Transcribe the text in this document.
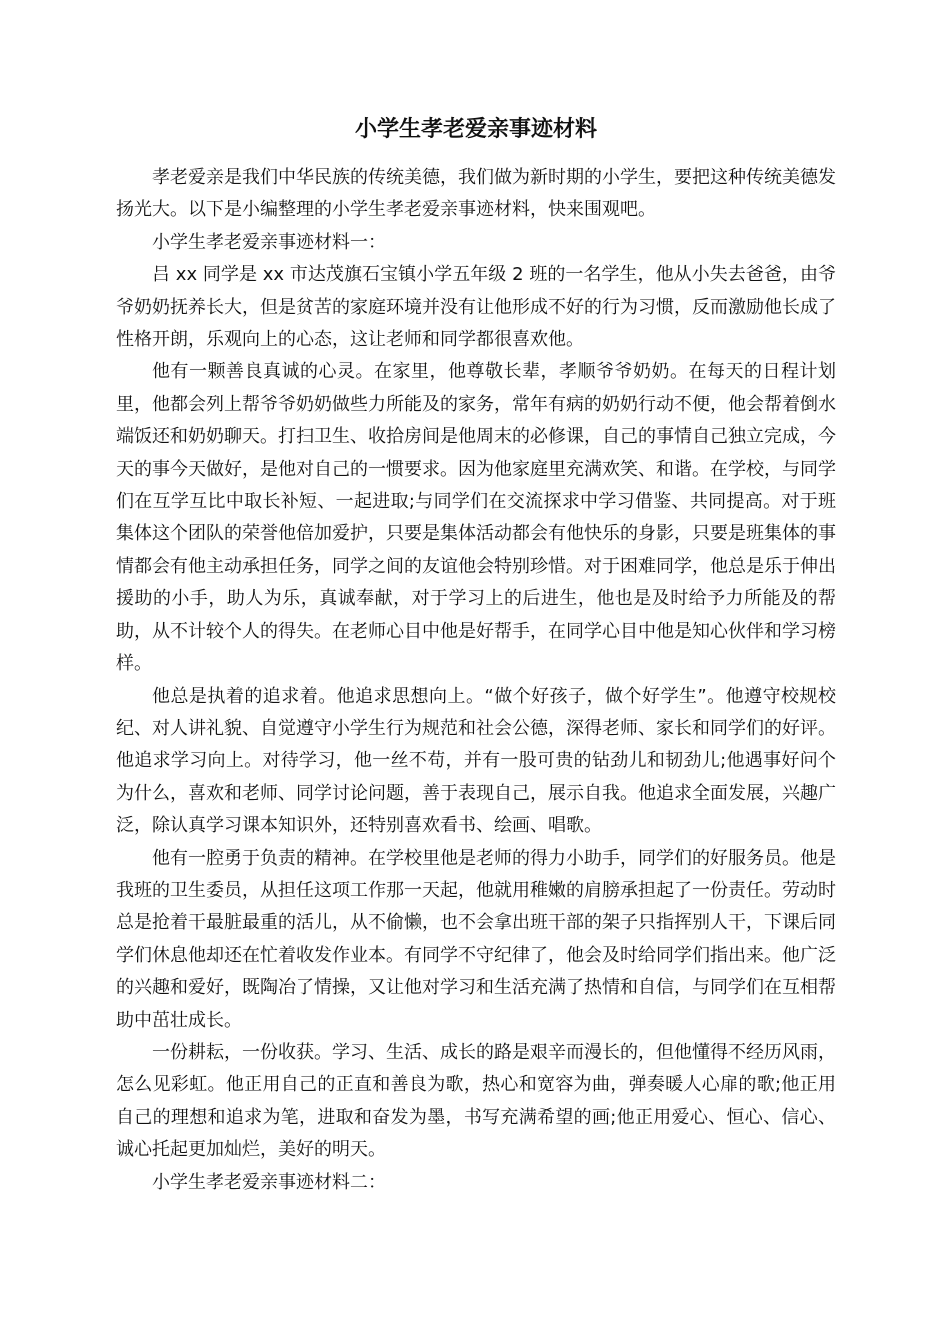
小学生孝老爱亲事迹材料

孝老爱亲是我们中华民族的传统美德，我们做为新时期的小学生，要把这种传统美德发扬光大。以下是小编整理的小学生孝老爱亲事迹材料，快来围观吧。

小学生孝老爱亲事迹材料一：

吕 xx 同学是 xx 市达茂旗石宝镇小学五年级 2 班的一名学生，他从小失去爸爸，由爷爷奶奶抚养长大，但是贫苦的家庭环境并没有让他形成不好的行为习惯，反而激励他长成了性格开朗，乐观向上的心态，这让老师和同学都很喜欢他。

他有一颗善良真诚的心灵。在家里，他尊敬长辈，孝顺爷爷奶奶。在每天的日程计划里，他都会列上帮爷爷奶奶做些力所能及的家务，常年有病的奶奶行动不便，他会帮着倒水端饭还和奶奶聊天。打扫卫生、收拾房间是他周末的必修课，自己的事情自己独立完成，今天的事今天做好，是他对自己的一惯要求。因为他家庭里充满欢笑、和谐。在学校，与同学们在互学互比中取长补短、一起进取;与同学们在交流探求中学习借鉴、共同提高。对于班集体这个团队的荣誉他倍加爱护，只要是集体活动都会有他快乐的身影，只要是班集体的事情都会有他主动承担任务，同学之间的友谊他会特别珍惜。对于困难同学，他总是乐于伸出援助的小手，助人为乐，真诚奉献，对于学习上的后进生，他也是及时给予力所能及的帮助，从不计较个人的得失。在老师心目中他是好帮手，在同学心目中他是知心伙伴和学习榜样。

他总是执着的追求着。他追求思想向上。“做个好孩子，做个好学生”。他遵守校规校纪、对人讲礼貌、自觉遵守小学生行为规范和社会公德，深得老师、家长和同学们的好评。他追求学习向上。对待学习，他一丝不苟，并有一股可贵的钻劲儿和韧劲儿;他遇事好问个为什么，喜欢和老师、同学讨论问题，善于表现自己，展示自我。他追求全面发展，兴趣广泛，除认真学习课本知识外，还特别喜欢看书、绘画、唱歌。

他有一腔勇于负责的精神。在学校里他是老师的得力小助手，同学们的好服务员。他是我班的卫生委员，从担任这项工作那一天起，他就用稚嫩的肩膀承担起了一份责任。劳动时总是抢着干最脏最重的活儿，从不偷懒，也不会拿出班干部的架子只指挥别人干，下课后同学们休息他却还在忙着收发作业本。有同学不守纪律了，他会及时给同学们指出来。他广泛的兴趣和爱好，既陶冶了情操，又让他对学习和生活充满了热情和自信，与同学们在互相帮助中茁壮成长。

一份耕耘，一份收获。学习、生活、成长的路是艰辛而漫长的，但他懂得不经历风雨，怎么见彩虹。他正用自己的正直和善良为歌，热心和宽容为曲，弹奏暖人心扉的歌;他正用自己的理想和追求为笔，进取和奋发为墨，书写充满希望的画;他正用爱心、恒心、信心、诚心托起更加灿烂，美好的明天。

小学生孝老爱亲事迹材料二：
